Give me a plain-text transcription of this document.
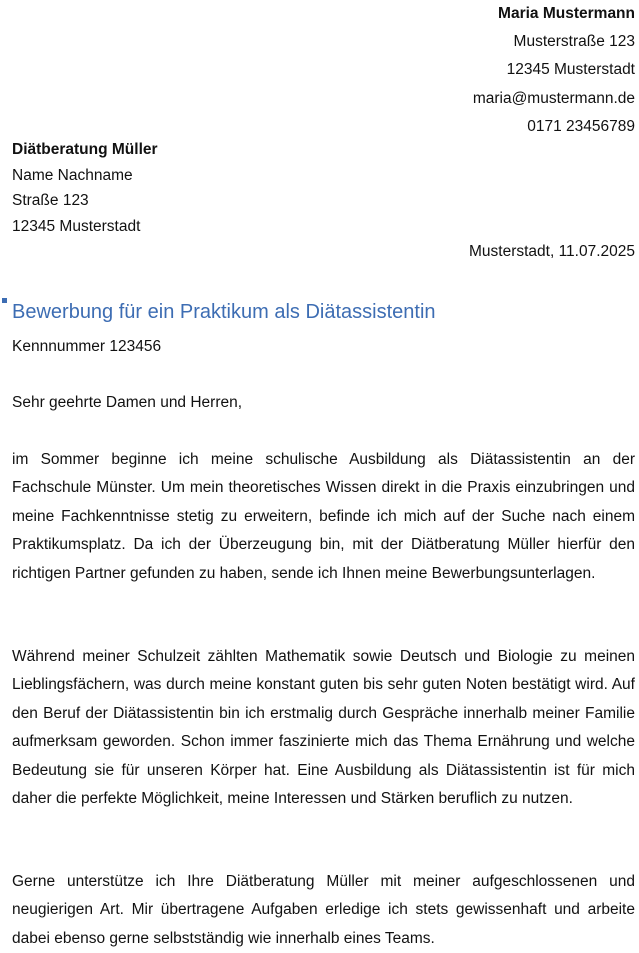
Maria Mustermann
Musterstraße 123
12345 Musterstadt
maria@mustermann.de
0171 23456789
Diätberatung Müller
Name Nachname
Straße 123
12345 Musterstadt
Musterstadt, 11.07.2025
Bewerbung für ein Praktikum als Diätassistentin
Kennnummer 123456
Sehr geehrte Damen und Herren,

im Sommer beginne ich meine schulische Ausbildung als Diätassistentin an der Fachschule Münster. Um mein theoretisches Wissen direkt in die Praxis einzubringen und meine Fachkenntnisse stetig zu erweitern, befinde ich mich auf der Suche nach einem Praktikumsplatz. Da ich der Überzeugung bin, mit der Diätberatung Müller hierfür den richtigen Partner gefunden zu haben, sende ich Ihnen meine Bewerbungsunterlagen.

Während meiner Schulzeit zählten Mathematik sowie Deutsch und Biologie zu meinen Lieblingsfächern, was durch meine konstant guten bis sehr guten Noten bestätigt wird. Auf den Beruf der Diätassistentin bin ich erstmalig durch Gespräche innerhalb meiner Familie aufmerksam geworden. Schon immer faszinierte mich das Thema Ernährung und welche Bedeutung sie für unseren Körper hat. Eine Ausbildung als Diätassistentin ist für mich daher die perfekte Möglichkeit, meine Interessen und Stärken beruflich zu nutzen.

Gerne unterstütze ich Ihre Diätberatung Müller mit meiner aufgeschlossenen und neugierigen Art. Mir übertragene Aufgaben erledige ich stets gewissenhaft und arbeite dabei ebenso gerne selbstständig wie innerhalb eines Teams.
